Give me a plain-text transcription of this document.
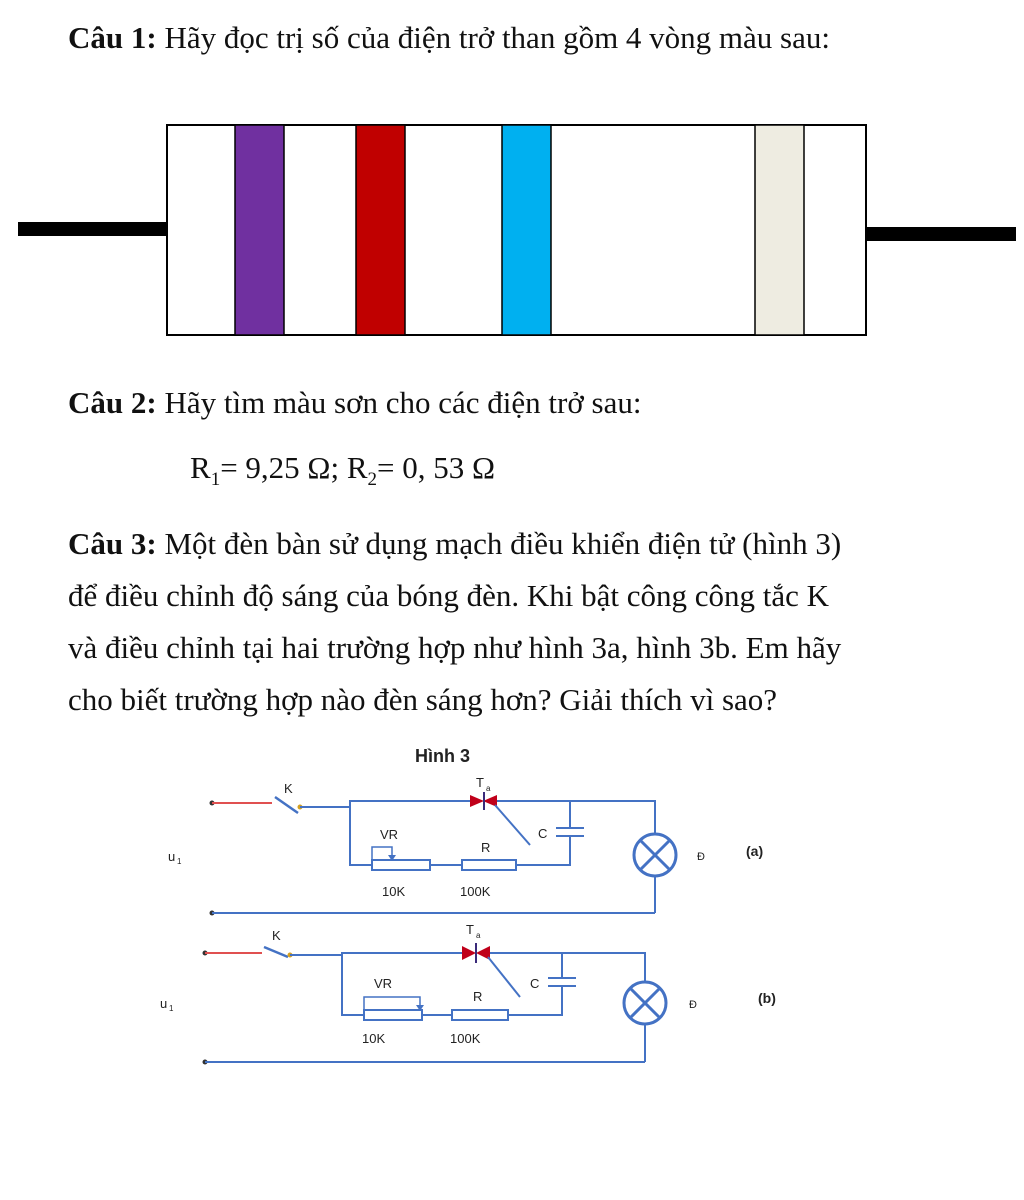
Câu 1: Hãy đọc trị số của điện trở than gồm 4 vòng màu sau:
Câu 2: Hãy tìm màu sơn cho các điện trở sau:
$R_1= 9,25$ Ω; $R_2= 0$, 53 Ω
Câu 3: Một đèn bàn sử dụng mạch điều khiển điện tử (hình 3)
để điều chỉnh độ sáng của bóng đèn. Khi bật công công tắc K
và điều chỉnh tại hai trường hợp như hình 3a, hình 3b. Em hãy
cho biết trường hợp nào đèn sáng hơn? Giải thích vì sao?
Hình 3
K	T a
C
VR
R
10K	100K
Đ	(a)
u 1
K	T a
C
VR
R
10K	100K
Đ	(b)
u 1
